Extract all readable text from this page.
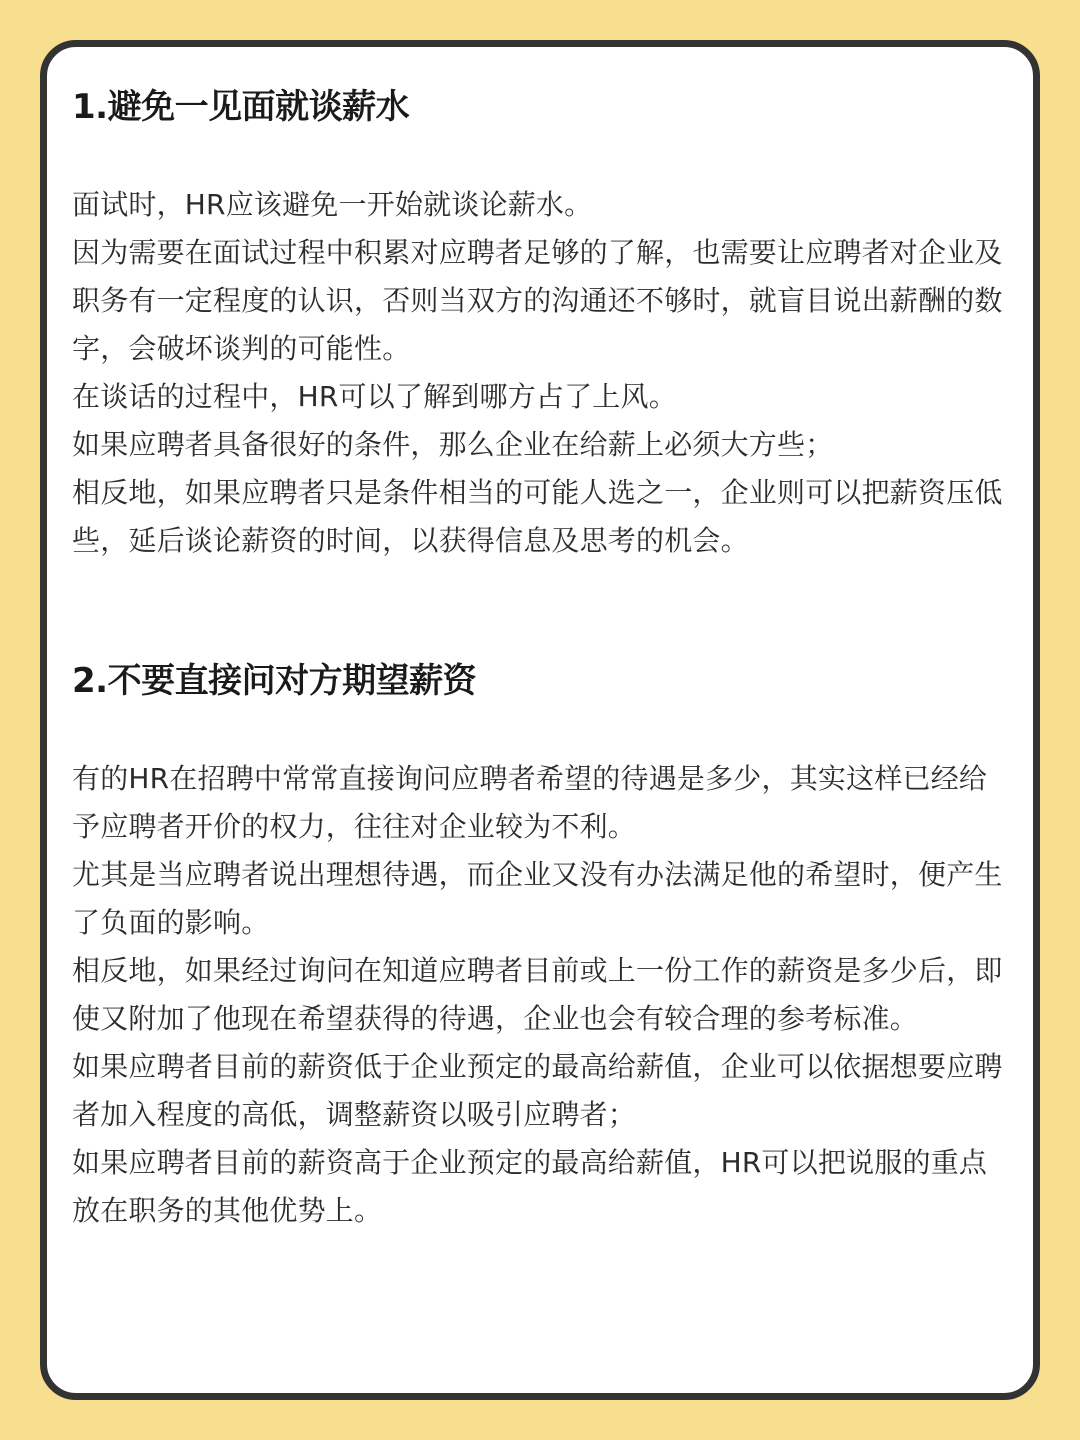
1.避免一见面就谈薪水
面试时，HR应该避免一开始就谈论薪水。
因为需要在面试过程中积累对应聘者足够的了解，也需要让应聘者对企业及职务有一定程度的认识，否则当双方的沟通还不够时，就盲目说出薪酬的数字，会破坏谈判的可能性。
在谈话的过程中，HR可以了解到哪方占了上风。
如果应聘者具备很好的条件，那么企业在给薪上必须大方些；
相反地，如果应聘者只是条件相当的可能人选之一，企业则可以把薪资压低些，延后谈论薪资的时间，以获得信息及思考的机会。
2.不要直接问对方期望薪资
有的HR在招聘中常常直接询问应聘者希望的待遇是多少，其实这样已经给予应聘者开价的权力，往往对企业较为不利。
尤其是当应聘者说出理想待遇，而企业又没有办法满足他的希望时，便产生了负面的影响。
相反地，如果经过询问在知道应聘者目前或上一份工作的薪资是多少后，即使又附加了他现在希望获得的待遇，企业也会有较合理的参考标准。
如果应聘者目前的薪资低于企业预定的最高给薪值，企业可以依据想要应聘者加入程度的高低，调整薪资以吸引应聘者；
如果应聘者目前的薪资高于企业预定的最高给薪值，HR可以把说服的重点放在职务的其他优势上。
